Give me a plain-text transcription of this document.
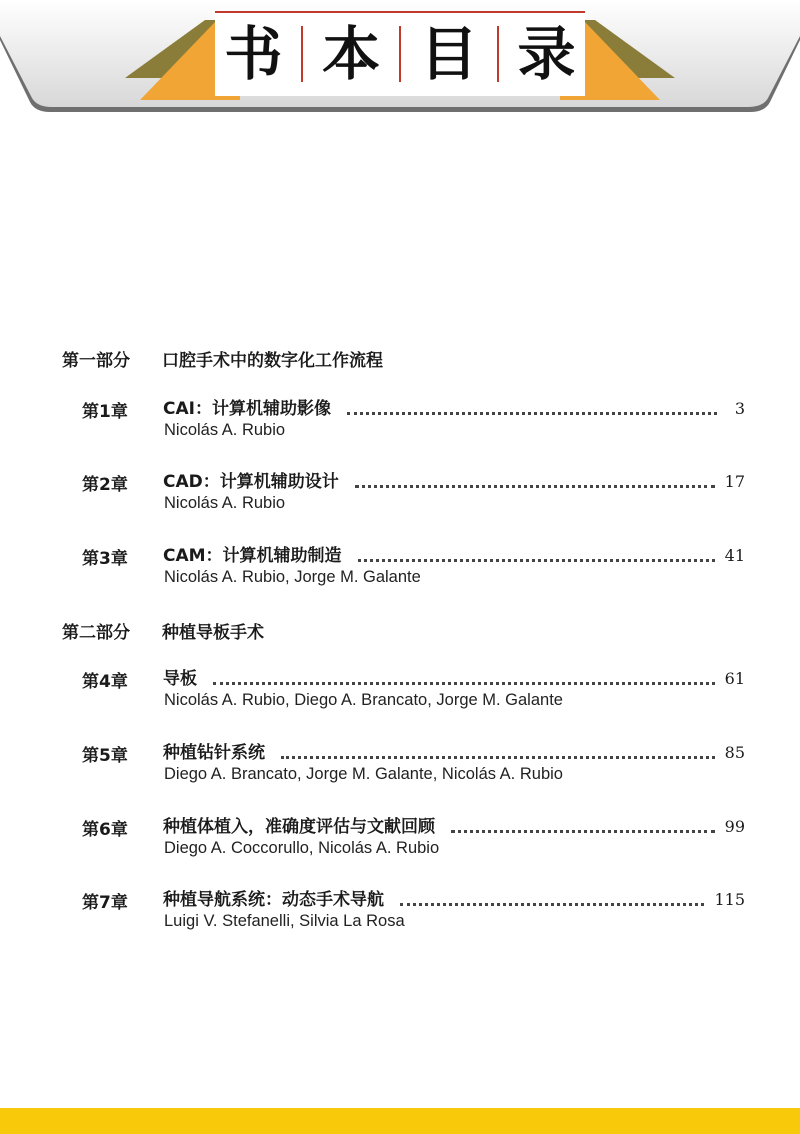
书 本 目 录
第一部分 口腔手术中的数字化工作流程
第1章 CAI：计算机辅助影像	3
Nicolás A. Rubio
第2章 CAD：计算机辅助设计	17
Nicolás A. Rubio
第3章 CAM：计算机辅助制造	41
Nicolás A. Rubio, Jorge M. Galante
第二部分 种植导板手术
第4章 导板	61
Nicolás A. Rubio, Diego A. Brancato, Jorge M. Galante
第5章 种植钻针系统	85
Diego A. Brancato, Jorge M. Galante, Nicolás A. Rubio
第6章 种植体植入，准确度评估与文献回顾	99
Diego A. Coccorullo, Nicolás A. Rubio
第7章 种植导航系统：动态手术导航	115
Luigi V. Stefanelli, Silvia La Rosa
